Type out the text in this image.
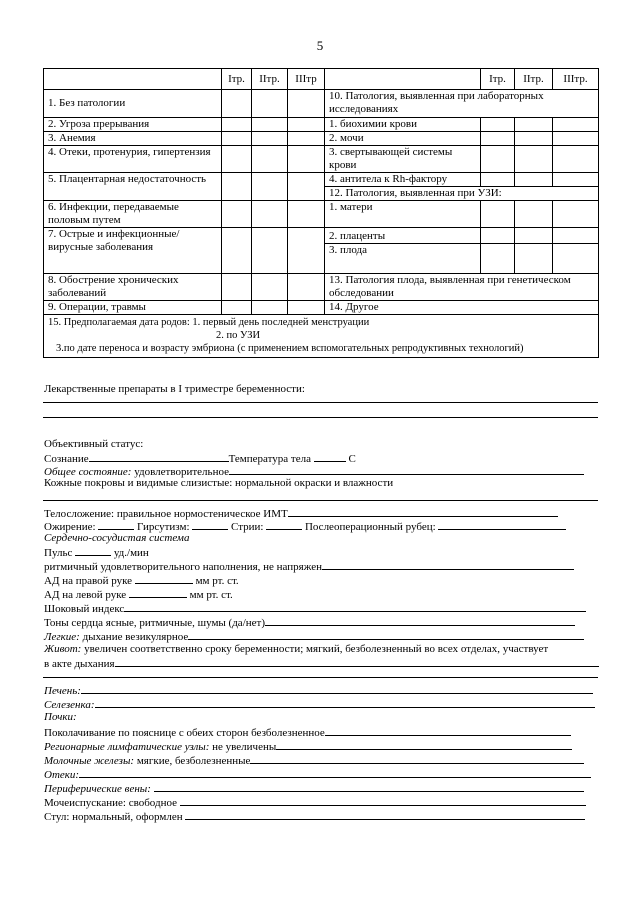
5
	Iтр.	IIтр.	IIIтр		Iтр.	IIтр.	IIIтр.
1. Без патологии				10. Патология, выявленная при лабораторных исследованиях			
2. Угроза прерывания				1. биохимии крови			
3. Анемия				2. мочи			
4. Отеки, протенурия, гипертензия				3. свертывающей системы крови			
5. Плацентарная недостаточность				4. антитела к Rh-фактору			
				12. Патология, выявленная при УЗИ:			
6. Инфекции, передаваемые половым путем				1. матери			
7. Острые и инфекционные/вирусные заболевания				2. плаценты			
				3. плода			
8. Обострение хронических заболеваний				13. Патология плода, выявленная при генетическом обследовании			
9. Операции, травмы				14. Другое			

15. Предполагаемая дата родов: 1. первый день последней менструации
2. по УЗИ
3.по дате переноса и возрасту эмбриона (с применением вспомогательных репродуктивных технологий)							
Лекарственные препараты в I триместре беременности:
Объективный статус:
Сознание	Температура тела	С
Общее состояние: удовлетворительное
Кожные покровы и видимые слизистые: нормальной окраски и влажности
Телосложение: правильное нормостеническое ИМТ
Ожирение:	Гирсутизм:	Стрии:	Послеоперационный рубец:
Сердечно-сосудистая система
Пульс	уд./мин
ритмичный удовлетворительного наполнения, не напряжен
АД на правой руке	мм рт. ст.
АД на левой руке	мм рт. ст.
Шоковый индекс
Тоны сердца ясные, ритмичные, шумы (да/нет)
Легкие: дыхание везикулярное
Живот: увеличен соответственно сроку беременности; мягкий, безболезненный во всех отделах, участвует
в акте дыхания
Печень:
Селезенка:
Почки:
Поколачивание по пояснице с обеих сторон безболезненное
Регионарные лимфатические узлы: не увеличены
Молочные железы: мягкие, безболезненные
Отеки:
Периферические вены:
Мочеиспускание: свободное
Стул: нормальный, оформлен
